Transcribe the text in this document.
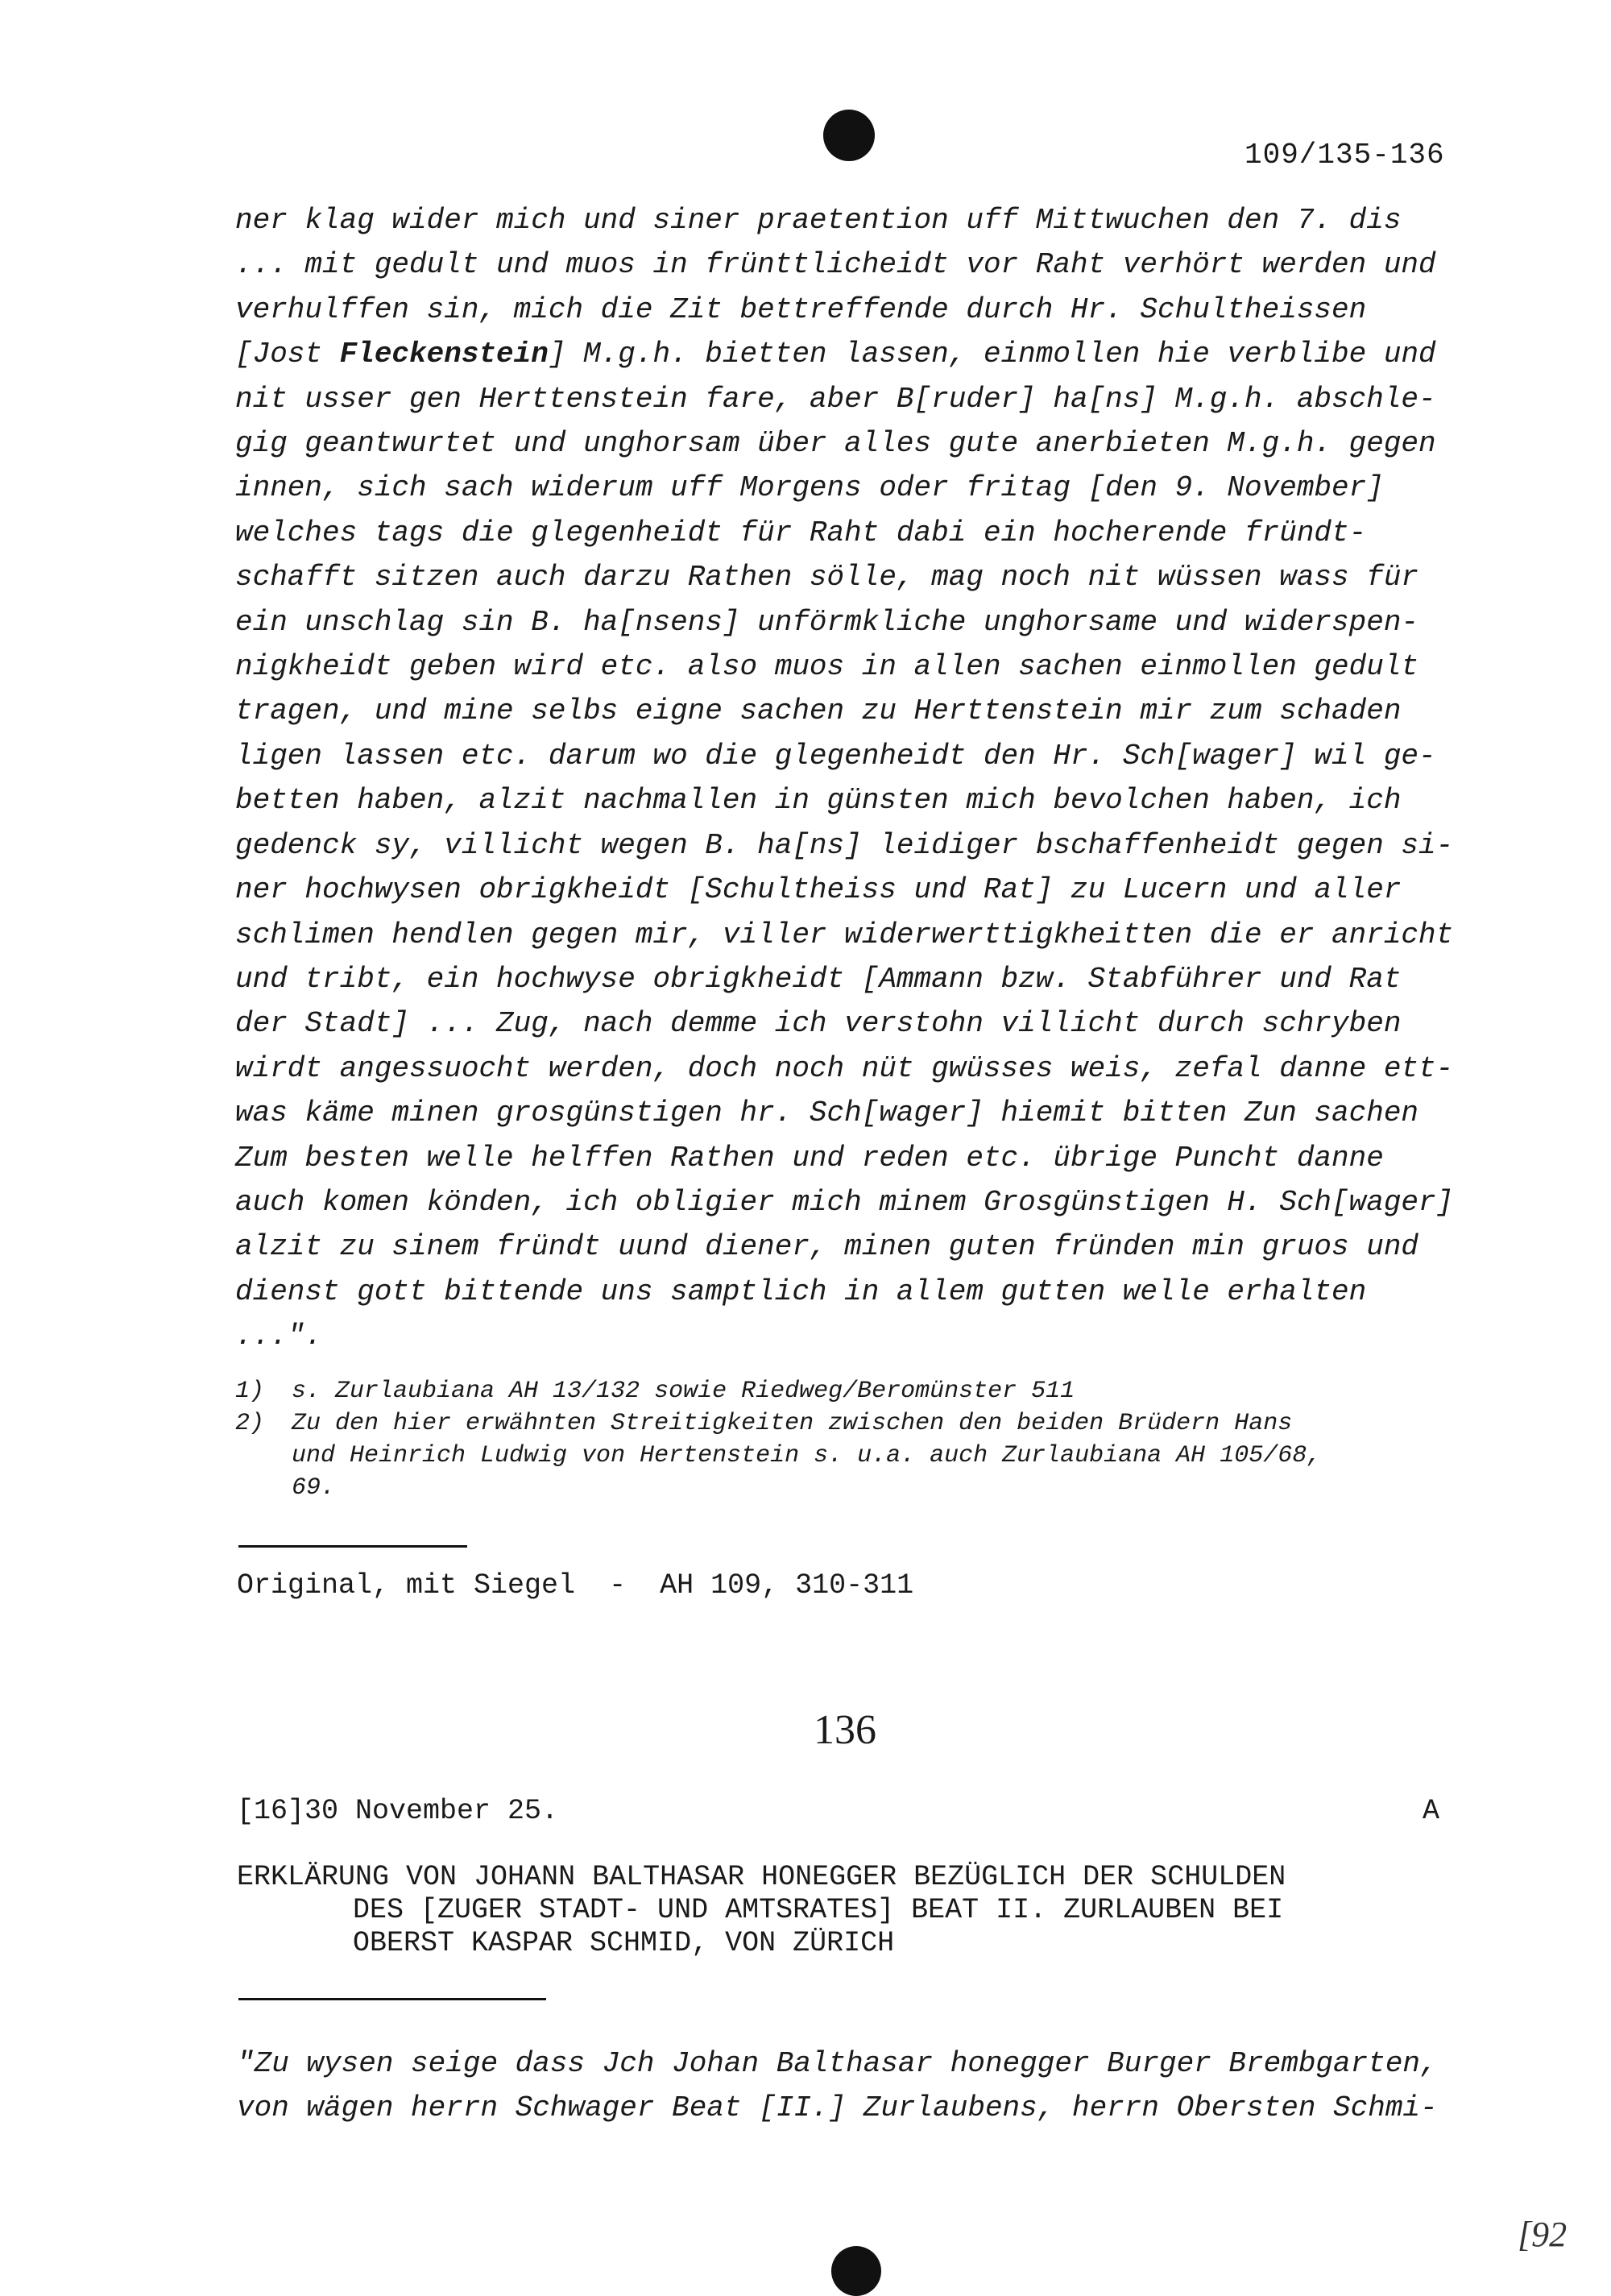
109/135-136
ner klag wider mich und siner praetention uff Mittwuchen den 7. dis
... mit gedult und muos in frünttlicheidt vor Raht verhört werden und
verhulffen sin, mich die Zit bettreffende durch Hr. Schultheissen
[Jost Fleckenstein] M.g.h. bietten lassen, einmollen hie verblibe und
nit usser gen Herttenstein fare, aber B[ruder] ha[ns] M.g.h. abschle-
gig geantwurtet und unghorsam über alles gute anerbieten M.g.h. gegen
innen, sich sach widerum uff Morgens oder fritag [den 9. November]
welches tags die glegenheidt für Raht dabi ein hocherende fründt-
schafft sitzen auch darzu Rathen sölle, mag noch nit wüssen wass für
ein unschlag sin B. ha[nsens] unförmkliche unghorsame und widerspen-
nigkheidt geben wird etc. also muos in allen sachen einmollen gedult
tragen, und mine selbs eigne sachen zu Herttenstein mir zum schaden
ligen lassen etc. darum wo die glegenheidt den Hr. Sch[wager] wil ge-
betten haben, alzit nachmallen in günsten mich bevolchen haben, ich
gedenck sy, villicht wegen B. ha[ns] leidiger bschaffenheidt gegen si-
ner hochwysen obrigkheidt [Schultheiss und Rat] zu Lucern und aller
schlimen hendlen gegen mir, viller widerwerttigkheitten die er anricht
und tribt, ein hochwyse obrigkheidt [Ammann bzw. Stabführer und Rat
der Stadt] ... Zug, nach demme ich verstohn villicht durch schryben
wirdt angessuocht werden, doch noch nüt gwüsses weis, zefal danne ett-
was käme minen grosgünstigen hr. Sch[wager] hiemit bitten Zun sachen
Zum besten welle helffen Rathen und reden etc. übrige Puncht danne
auch komen könden, ich obligier mich minem Grosgünstigen H. Sch[wager]
alzit zu sinem fründt uund diener, minen guten fründen min gruos und
dienst gott bittende uns samptlich in allem gutten welle erhalten
...".
1)	s. Zurlaubiana AH 13/132 sowie Riedweg/Beromünster 511
2)	Zu den hier erwähnten Streitigkeiten zwischen den beiden Brüdern Hans
und Heinrich Ludwig von Hertenstein s. u.a. auch Zurlaubiana AH 105/68,
69.
Original, mit Siegel  -  AH 109, 310-311
136
[16]30 November 25.	A
ERKLÄRUNG VON JOHANN BALTHASAR HONEGGER BEZÜGLICH DER SCHULDEN
DES [ZUGER STADT- UND AMTSRATES] BEAT II. ZURLAUBEN BEI
OBERST KASPAR SCHMID, VON ZÜRICH
"Zu wysen seige dass Jch Johan Balthasar honegger Burger Brembgarten,
von wägen herrn Schwager Beat [II.] Zurlaubens, herrn Obersten Schmi-
[92
